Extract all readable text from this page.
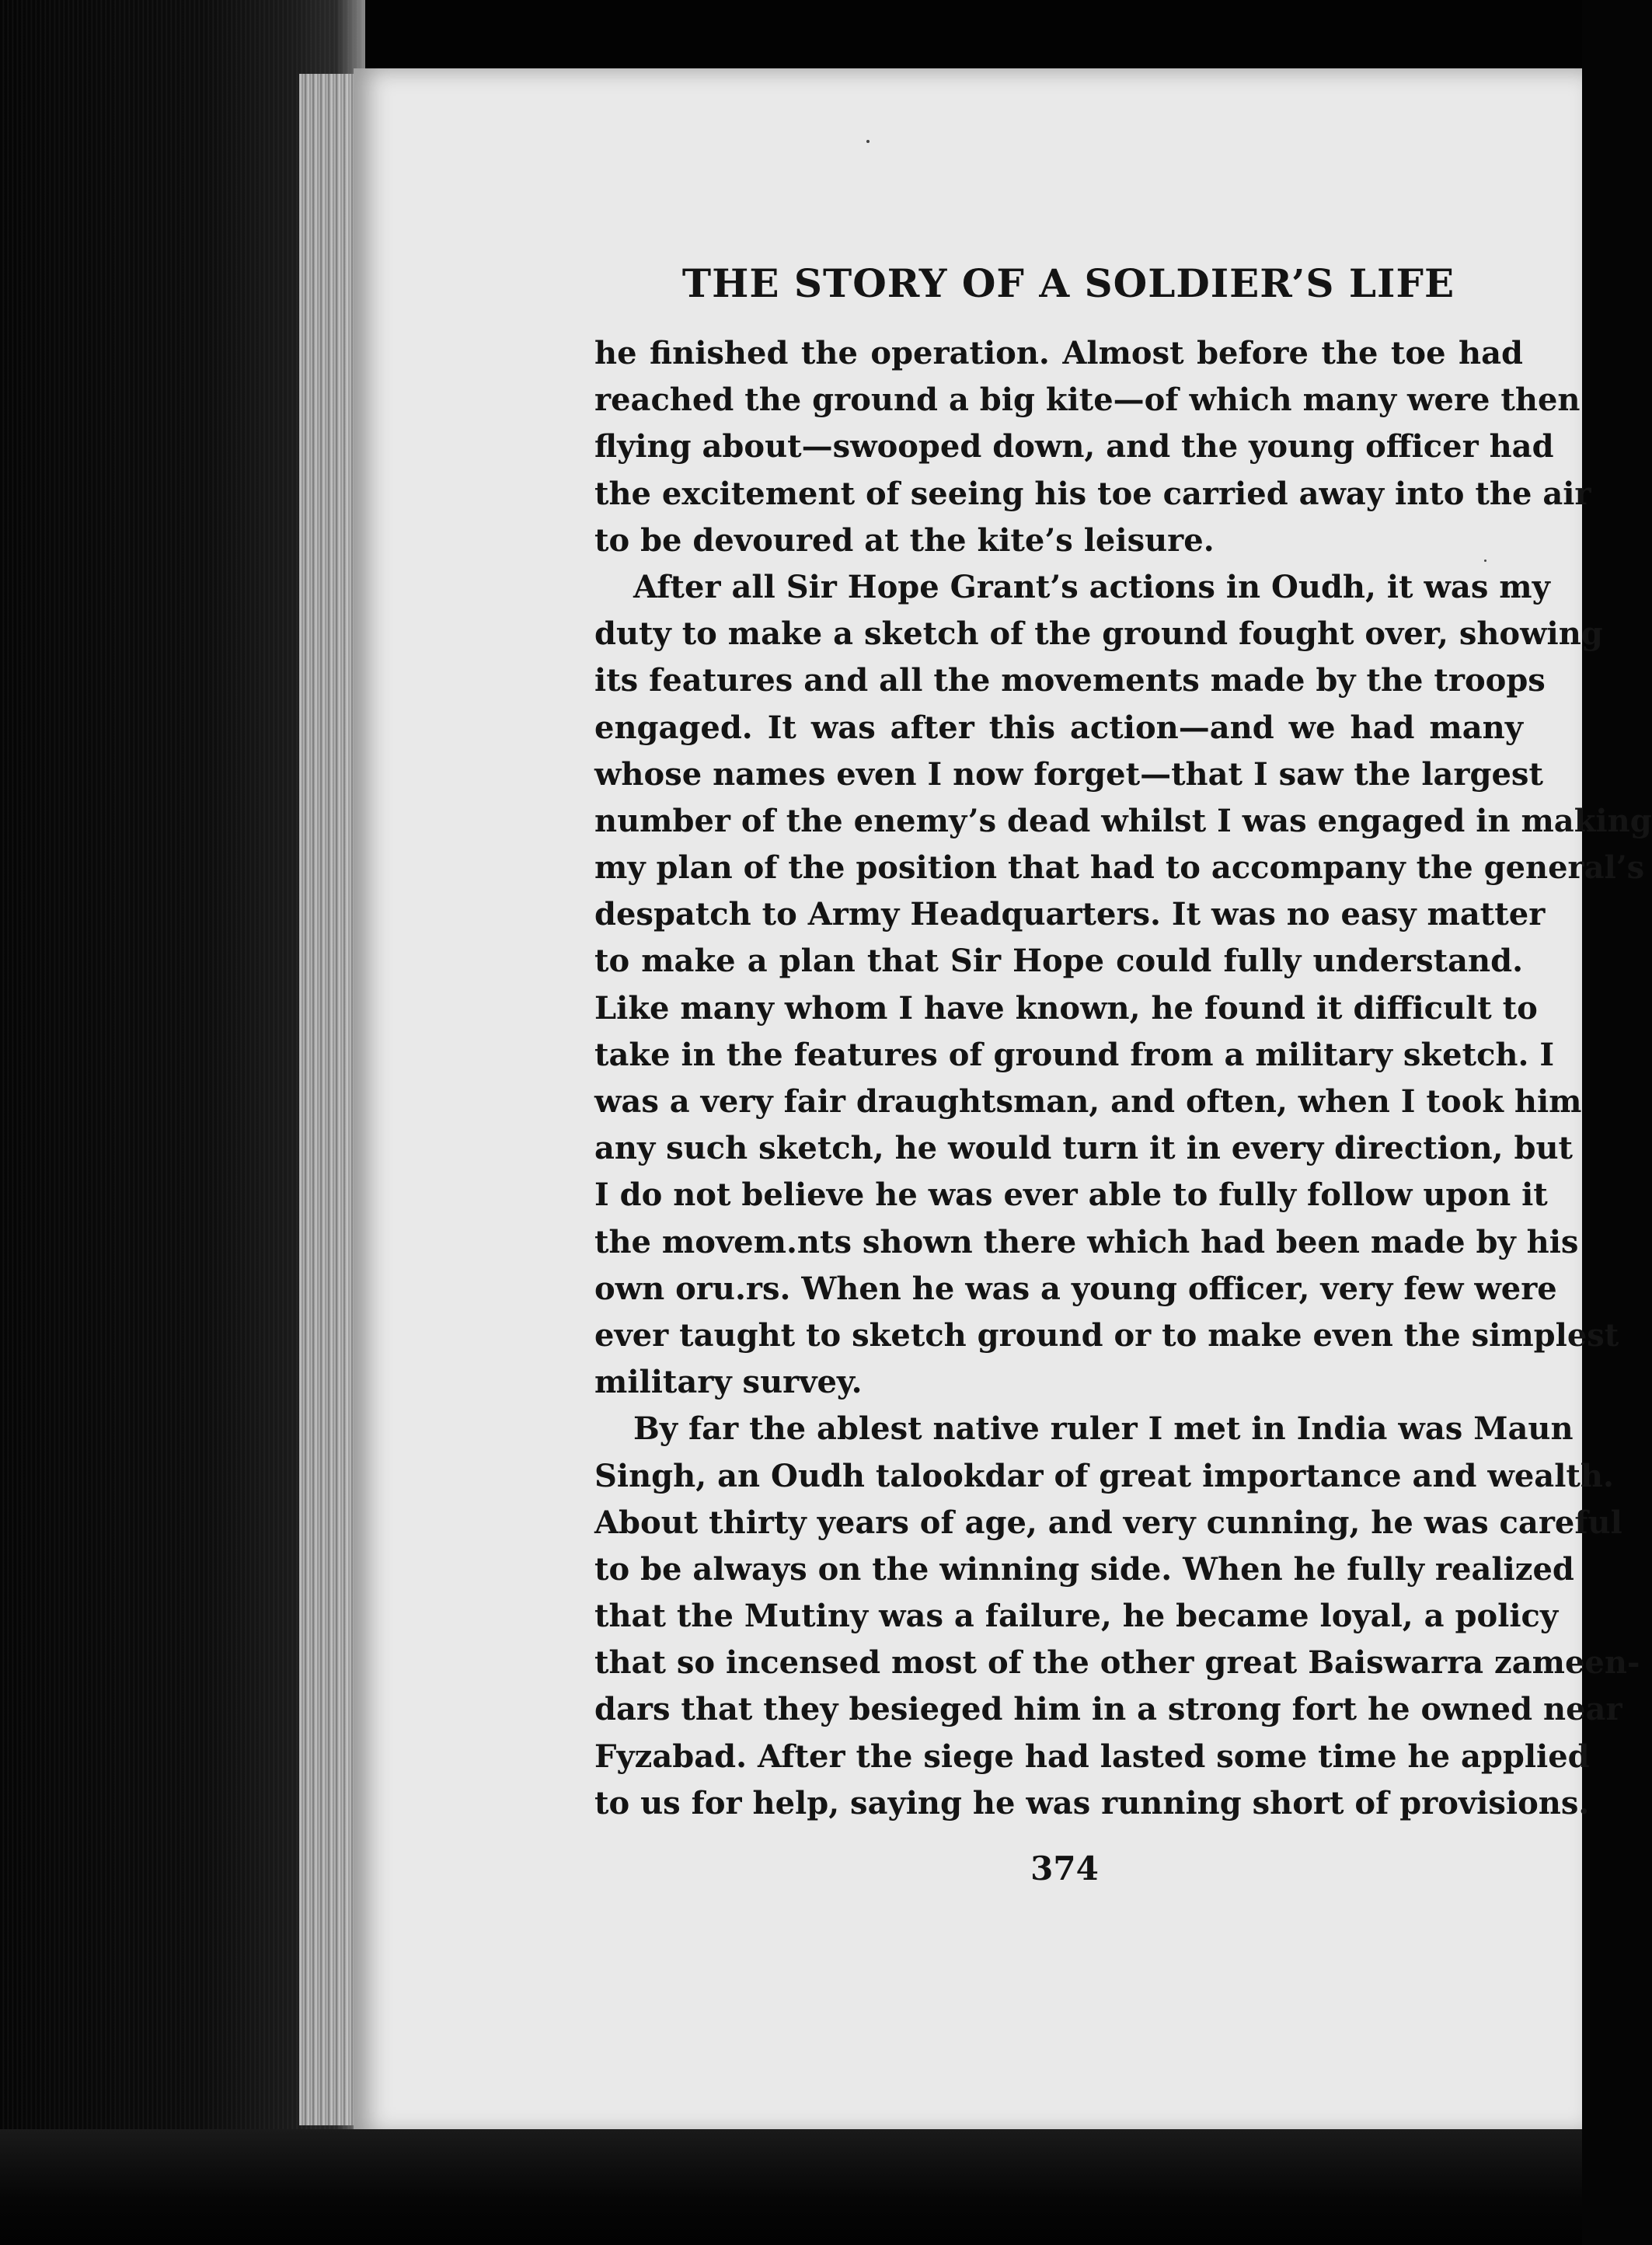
THE STORY OF A SOLDIER’S LIFE
he finished the operation. Almost before the toe had
reached the ground a big kite—of which many were then
flying about—swooped down, and the young officer had
the excitement of seeing his toe carried away into the air
to be devoured at the kite’s leisure.
After all Sir Hope Grant’s actions in Oudh, it was my
duty to make a sketch of the ground fought over, showing
its features and all the movements made by the troops
engaged. It was after this action—and we had many
whose names even I now forget—that I saw the largest
number of the enemy’s dead whilst I was engaged in making
my plan of the position that had to accompany the general’s
despatch to Army Headquarters. It was no easy matter
to make a plan that Sir Hope could fully understand.
Like many whom I have known, he found it difficult to
take in the features of ground from a military sketch. I
was a very fair draughtsman, and often, when I took him
any such sketch, he would turn it in every direction, but
I do not believe he was ever able to fully follow upon it
the movem.nts shown there which had been made by his
own oru.rs. When he was a young officer, very few were
ever taught to sketch ground or to make even the simplest
military survey.
By far the ablest native ruler I met in India was Maun
Singh, an Oudh talookdar of great importance and wealth.
About thirty years of age, and very cunning, he was careful
to be always on the winning side. When he fully realized
that the Mutiny was a failure, he became loyal, a policy
that so incensed most of the other great Baiswarra zameen-
dars that they besieged him in a strong fort he owned near
Fyzabad. After the siege had lasted some time he applied
to us for help, saying he was running short of provisions.
374
